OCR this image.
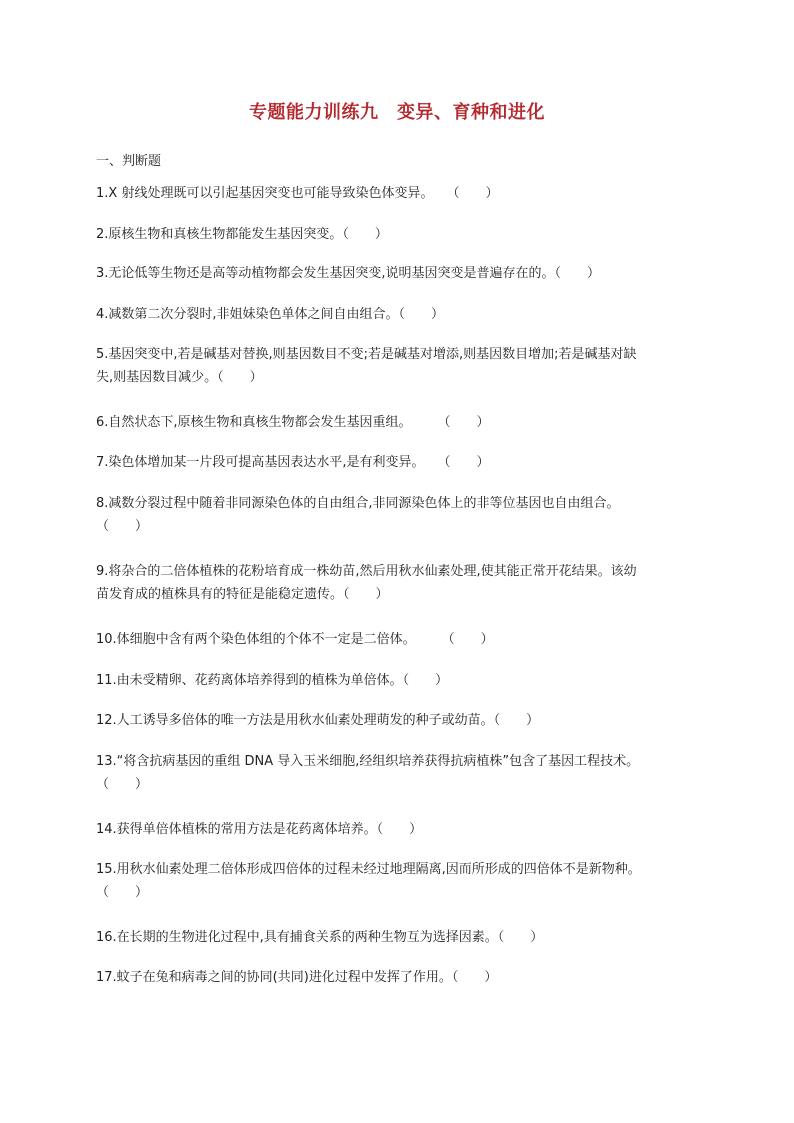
专题能力训练九　变异、育种和进化
一、判断题
1.X 射线处理既可以引起基因突变也可能导致染色体变异。　　（　　）
2.原核生物和真核生物都能发生基因突变。（　　）
3.无论低等生物还是高等动植物都会发生基因突变,说明基因突变是普遍存在的。（　　）
4.减数第二次分裂时,非姐妹染色单体之间自由组合。（　　）
5.基因突变中,若是碱基对替换,则基因数目不变;若是碱基对增添,则基因数目增加;若是碱基对缺
失,则基因数目减少。（　　）
6.自然状态下,原核生物和真核生物都会发生基因重组。　　　（　　）
7.染色体增加某一片段可提高基因表达水平,是有利变异。　　（　　）
8.减数分裂过程中随着非同源染色体的自由组合,非同源染色体上的非等位基因也自由组合。
（　　）
9.将杂合的二倍体植株的花粉培育成一株幼苗,然后用秋水仙素处理,使其能正常开花结果。该幼
苗发育成的植株具有的特征是能稳定遗传。（　　）
10.体细胞中含有两个染色体组的个体不一定是二倍体。　　　（　　）
11.由未受精卵、花药离体培养得到的植株为单倍体。（　　）
12.人工诱导多倍体的唯一方法是用秋水仙素处理萌发的种子或幼苗。（　　）
13.“将含抗病基因的重组 DNA 导入玉米细胞,经组织培养获得抗病植株”包含了基因工程技术。
（　　）
14.获得单倍体植株的常用方法是花药离体培养。（　　）
15.用秋水仙素处理二倍体形成四倍体的过程未经过地理隔离,因而所形成的四倍体不是新物种。
（　　）
16.在长期的生物进化过程中,具有捕食关系的两种生物互为选择因素。（　　）
17.蚊子在兔和病毒之间的协同(共同)进化过程中发挥了作用。（　　）
